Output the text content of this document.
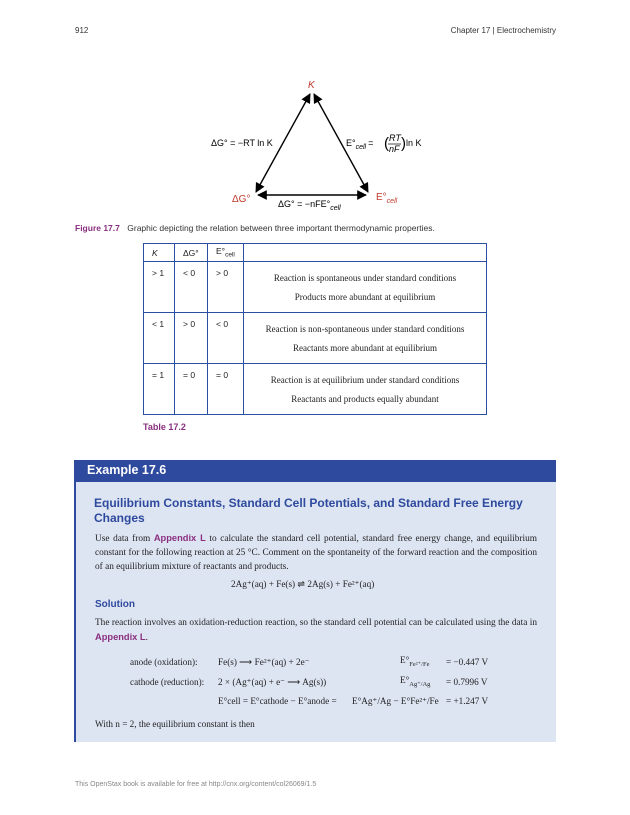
912	Chapter 17 | Electrochemistry
K
ΔG°	$E^\circ_{cell}$
ΔG° = −RT ln K
$\Delta G^\circ = -nFE^\circ_{cell}$
$E^\circ_{cell}$ = ( RT
nF ) ln K
Figure 17.7 Graphic depicting the relation between three important thermodynamic properties.
K	ΔG°	$E^\circ_{cell}$	
> 1	< 0	> 0	Reaction is spontaneous under standard conditions
Products more abundant at equilibrium

< 1	> 0	< 0	Reaction is non-spontaneous under standard conditions
Reactants more abundant at equilibrium

= 1	= 0	= 0	Reaction is at equilibrium under standard conditions
Reactants and products equally abundant
Table 17.2
Example 17.6
Equilibrium Constants, Standard Cell Potentials, and Standard Free Energy Changes
Use data from Appendix L to calculate the standard cell potential, standard free energy change, and equilibrium constant for the following reaction at 25 °C. Comment on the spontaneity of the forward reaction and the composition of an equilibrium mixture of reactants and products.
2Ag⁺(aq) + Fe(s) ⇌ 2Ag(s) + Fe²⁺(aq)
Solution
The reaction involves an oxidation-reduction reaction, so the standard cell potential can be calculated using the data in Appendix L.
anode (oxidation): Fe(s) ⟶ Fe²⁺(aq) + 2e⁻	$E^\circ_{Fe^{2+}/Fe} = -0.447$ V
cathode (reduction): 2 × (Ag⁺(aq) + e⁻ ⟶ Ag(s))	$E^\circ_{Ag^+/Ag} = 0.7996$ V
E°cell = E°cathode − E°anode = E°Ag⁺/Ag − E°Fe²⁺/Fe = +1.247 V
With n = 2, the equilibrium constant is then
This OpenStax book is available for free at http://cnx.org/content/col26069/1.5
